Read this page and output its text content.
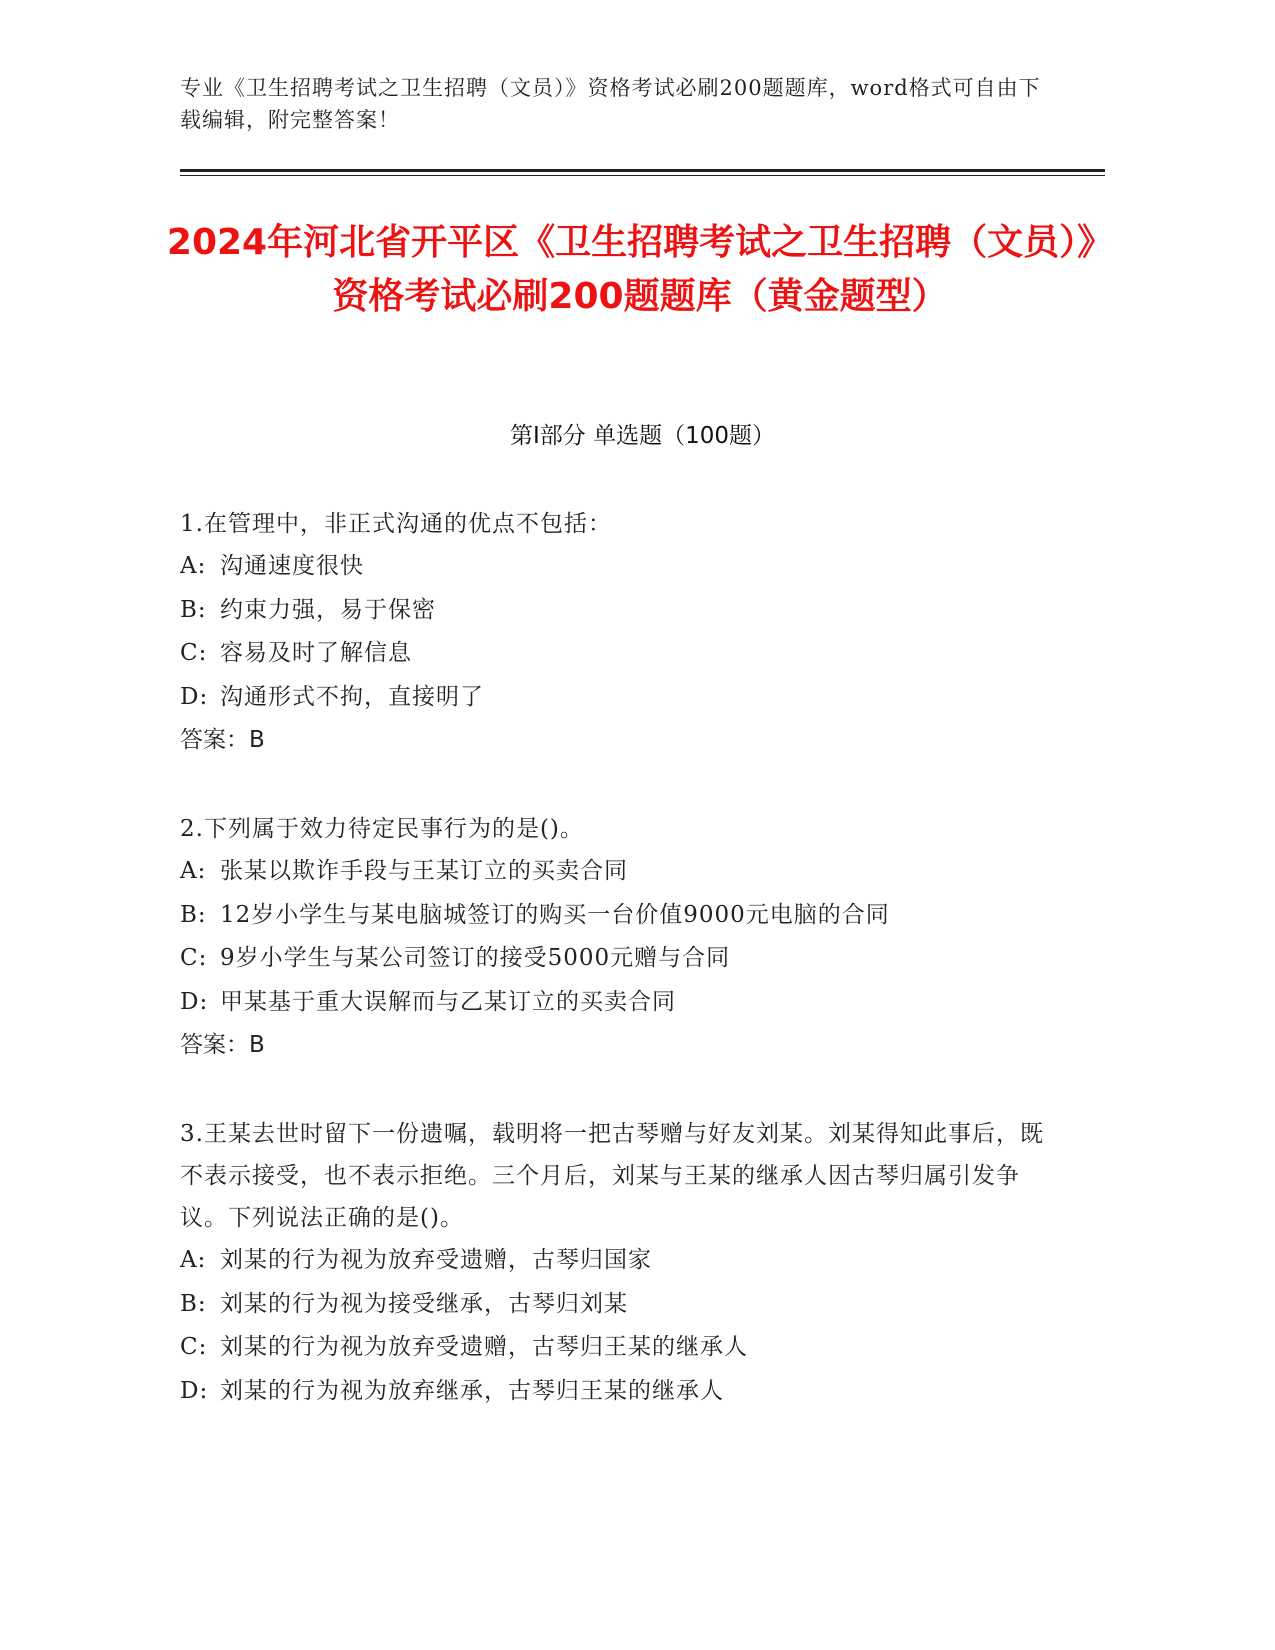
专业《卫生招聘考试之卫生招聘（文员）》资格考试必刷200题题库，word格式可自由下载编辑，附完整答案！
2024年河北省开平区《卫生招聘考试之卫生招聘（文员）》资格考试必刷200题题库（黄金题型）
第I部分 单选题（100题）
1.在管理中，非正式沟通的优点不包括：
A: 沟通速度很快
B: 约束力强，易于保密
C: 容易及时了解信息
D: 沟通形式不拘，直接明了
答案：B
2.下列属于效力待定民事行为的是()。
A: 张某以欺诈手段与王某订立的买卖合同
B: 12岁小学生与某电脑城签订的购买一台价值9000元电脑的合同
C: 9岁小学生与某公司签订的接受5000元赠与合同
D: 甲某基于重大误解而与乙某订立的买卖合同
答案：B
3.王某去世时留下一份遗嘱，载明将一把古琴赠与好友刘某。刘某得知此事后，既不表示接受，也不表示拒绝。三个月后，刘某与王某的继承人因古琴归属引发争议。下列说法正确的是()。
A: 刘某的行为视为放弃受遗赠，古琴归国家
B: 刘某的行为视为接受继承，古琴归刘某
C: 刘某的行为视为放弃受遗赠，古琴归王某的继承人
D: 刘某的行为视为放弃继承，古琴归王某的继承人
